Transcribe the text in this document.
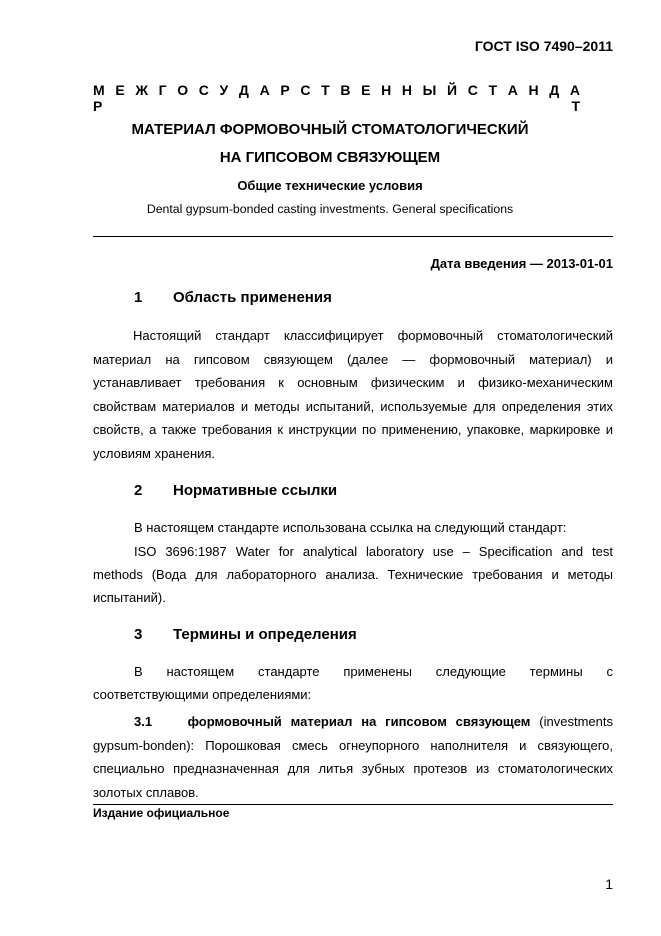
ГОСТ ISO 7490–2011
М Е Ж Г О С У Д А Р С Т В Е Н Н Ы Й С Т А Н Д А Р Т
МАТЕРИАЛ ФОРМОВОЧНЫЙ СТОМАТОЛОГИЧЕСКИЙ
НА ГИПСОВОМ СВЯЗУЮЩЕМ
Общие технические условия
Dental gypsum-bonded casting investments. General specifications
Дата введения — 2013-01-01
1 Область применения

Настоящий стандарт классифицирует формовочный стоматологический материал на гипсовом связующем (далее — формовочный материал) и устанавливает требования к основным физическим и физико-механическим свойствам материалов и методы испытаний, используемые для определения этих свойств, а также требования к инструкции по применению, упаковке, маркировке и условиям хранения.

2 Нормативные ссылки
В настоящем стандарте использована ссылка на следующий стандарт:
ISO 3696:1987 Water for analytical laboratory use – Specification and test
methods (Вода для лабораторного анализа. Технические требования и методы
испытаний).
3 Термины и определения
В настоящем стандарте применены следующие термины с
соответствующими определениями:

3.1	формовочный материал на гипсовом связующем (investments gypsum-bonden): Порошковая смесь огнеупорного наполнителя и связующего, специально предназначенная для литья зубных протезов из стоматологических золотых сплавов.

Издание официальное
1
